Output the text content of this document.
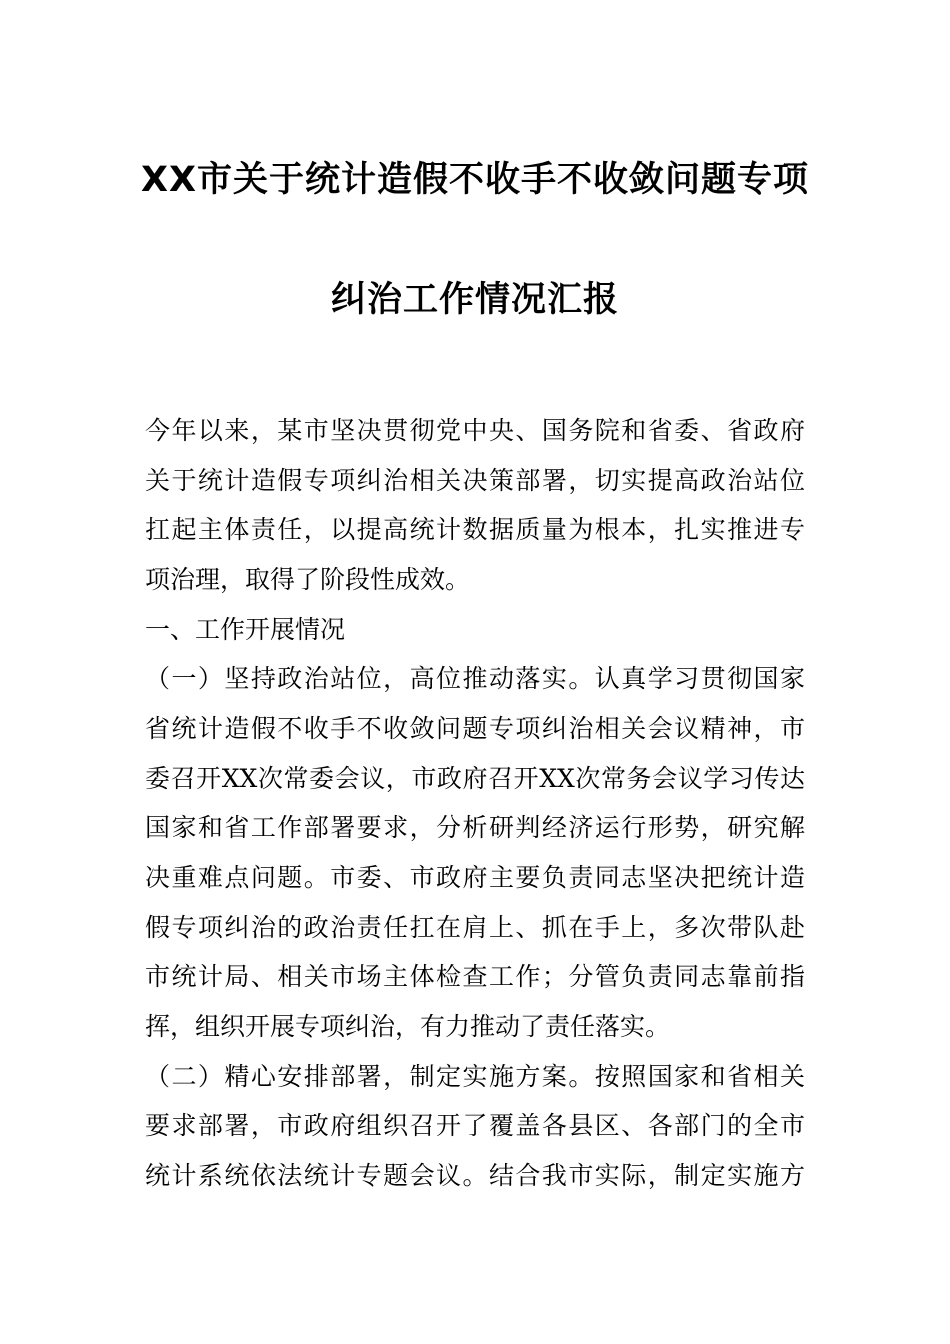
XX市关于统计造假不收手不收敛问题专项
纠治工作情况汇报
今年以来，某市坚决贯彻党中央、国务院和省委、省政府
关于统计造假专项纠治相关决策部署，切实提高政治站位
扛起主体责任，以提高统计数据质量为根本，扎实推进专
项治理，取得了阶段性成效。
一、工作开展情况
（一）坚持政治站位，高位推动落实。认真学习贯彻国家
省统计造假不收手不收敛问题专项纠治相关会议精神，市
委召开XX次常委会议，市政府召开XX次常务会议学习传达
国家和省工作部署要求，分析研判经济运行形势，研究解
决重难点问题。市委、市政府主要负责同志坚决把统计造
假专项纠治的政治责任扛在肩上、抓在手上，多次带队赴
市统计局、相关市场主体检查工作；分管负责同志靠前指
挥，组织开展专项纠治，有力推动了责任落实。
（二）精心安排部署，制定实施方案。按照国家和省相关
要求部署，市政府组织召开了覆盖各县区、各部门的全市
统计系统依法统计专题会议。结合我市实际，制定实施方
